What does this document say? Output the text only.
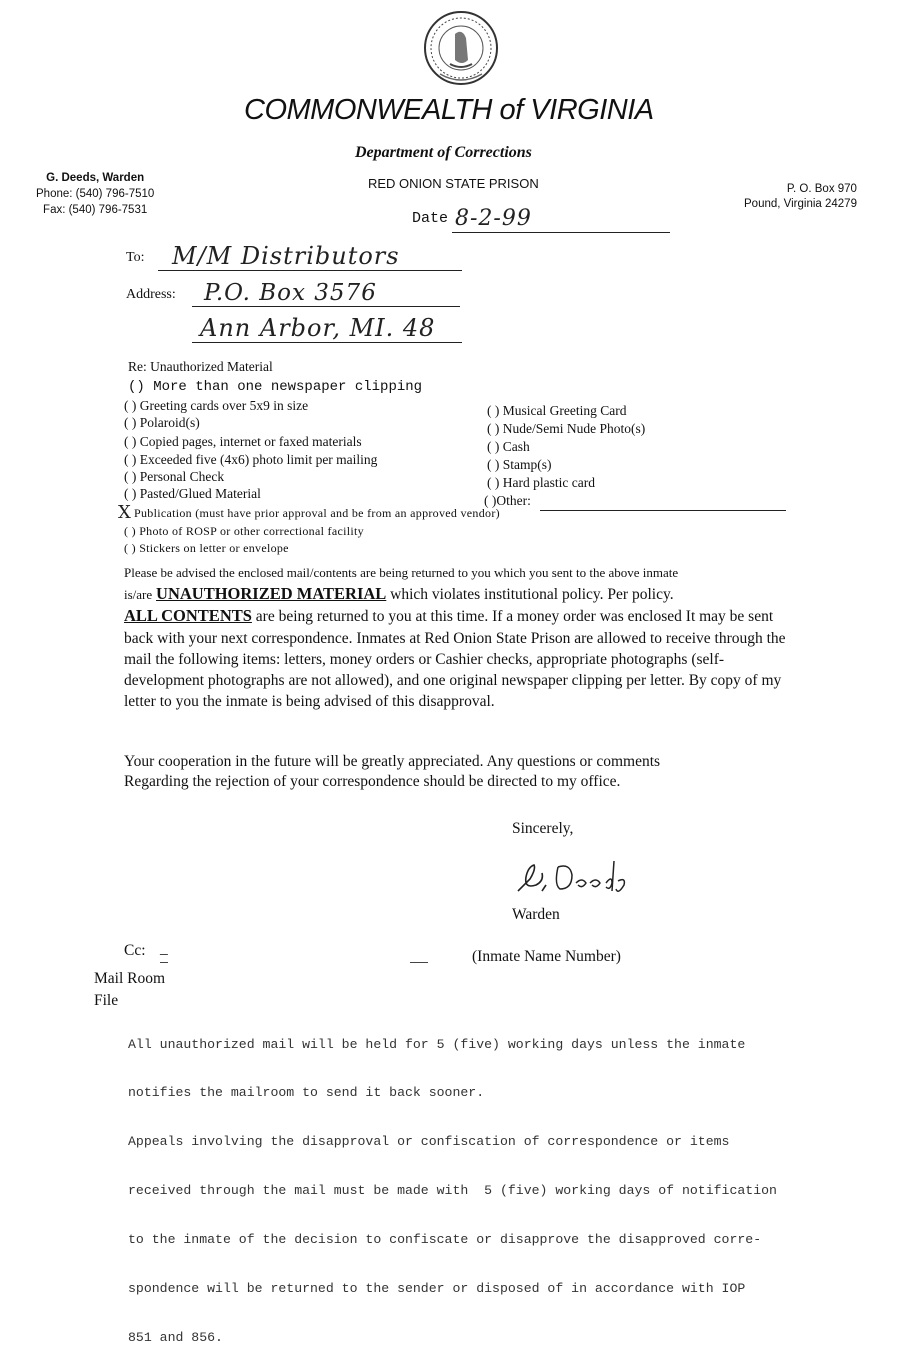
COMMONWEALTH of VIRGINIA
Department of Corrections
RED ONION STATE PRISON
G. Deeds, Warden
Phone: (540) 796-7510
Fax: (540) 796-7531
P. O. Box 970
Pound, Virginia 24279
Date 8-2-99
To: M/M Distributors
Address: P.O. Box 3576
Ann Arbor, MI. 48
Re: Unauthorized Material
() More than one newspaper clipping
( ) Greeting cards over 5x9 in size
( ) Polaroid(s)
( ) Copied pages, internet or faxed materials
( ) Exceeded five (4x6) photo limit per mailing
( ) Personal Check
( ) Pasted/Glued Material
( ) Musical Greeting Card
( ) Nude/Semi Nude Photo(s)
( ) Cash
( ) Stamp(s)
( ) Hard plastic card
( )Other:
X Publication (must have prior approval and be from an approved vendor)
( ) Photo of ROSP or other correctional facility
( ) Stickers on letter or envelope
Please be advised the enclosed mail/contents are being returned to you which you sent to the above inmate
is/are UNAUTHORIZED MATERIAL which violates institutional policy. Per policy.
ALL CONTENTS are being returned to you at this time. If a money order was enclosed It may be sent back with your next correspondence. Inmates at Red Onion State Prison are allowed to receive through the mail the following items: letters, money orders or Cashier checks, appropriate photographs (self-development photographs are not allowed), and one original newspaper clipping per letter. By copy of my letter to you the inmate is being advised of this disapproval.
Your cooperation in the future will be greatly appreciated. Any questions or comments
Regarding the rejection of your correspondence should be directed to my office.
Sincerely,
Warden
Cc: _	(Inmate Name Number)
Mail Room
File

All unauthorized mail will be held for 5 (five) working days unless the inmate

notifies the mailroom to send it back sooner.

Appeals involving the disapproval or confiscation of correspondence or items

received through the mail must be made with  5 (five) working days of notification

to the inmate of the decision to confiscate or disapprove the disapproved corre-

spondence will be returned to the sender or disposed of in accordance with IOP

851 and 856.
